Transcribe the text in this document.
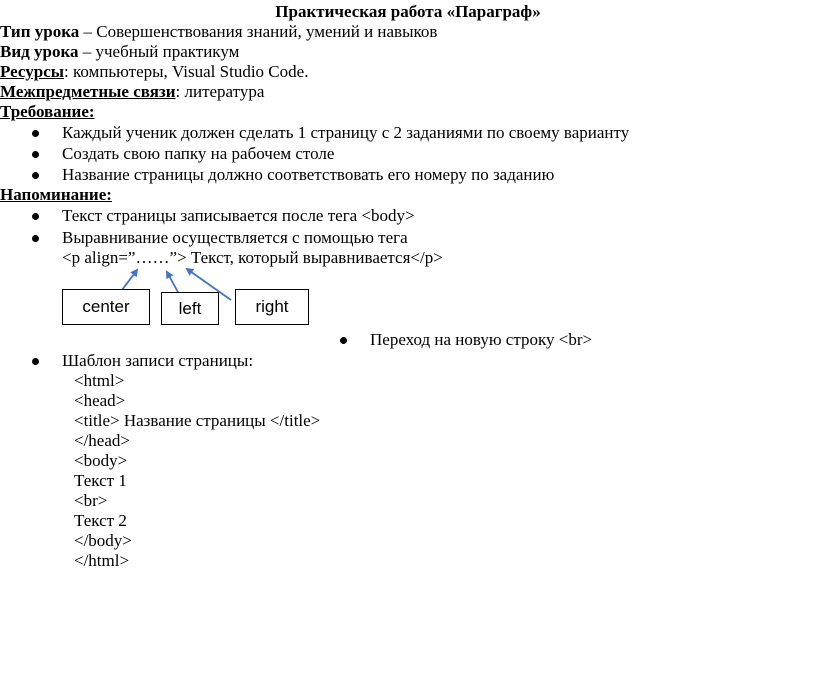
Практическая работа «Параграф»
Тип урока – Совершенствования знаний, умений и навыков
Вид урока – учебный практикум
Ресурсы: компьютеры, Visual Studio Code.
Межпредметные связи: литература
Требование:
Каждый ученик должен сделать 1 страницу с 2 заданиями по своему варианту
Создать свою папку на рабочем столе
Название страницы должно соответствовать его номеру по заданию
Напоминание:
Текст страницы записывается после тега <body>
Выравнивание осуществляется с помощью тега
<p align=”……”> Текст, который выравнивается</p>
center	left	right
Переход на новую строку <br>
Шаблон записи страницы:
<html>
<head>
<title> Название страницы </title>
</head>
<body>
Текст 1
<br>
Текст 2
</body>
</html>
